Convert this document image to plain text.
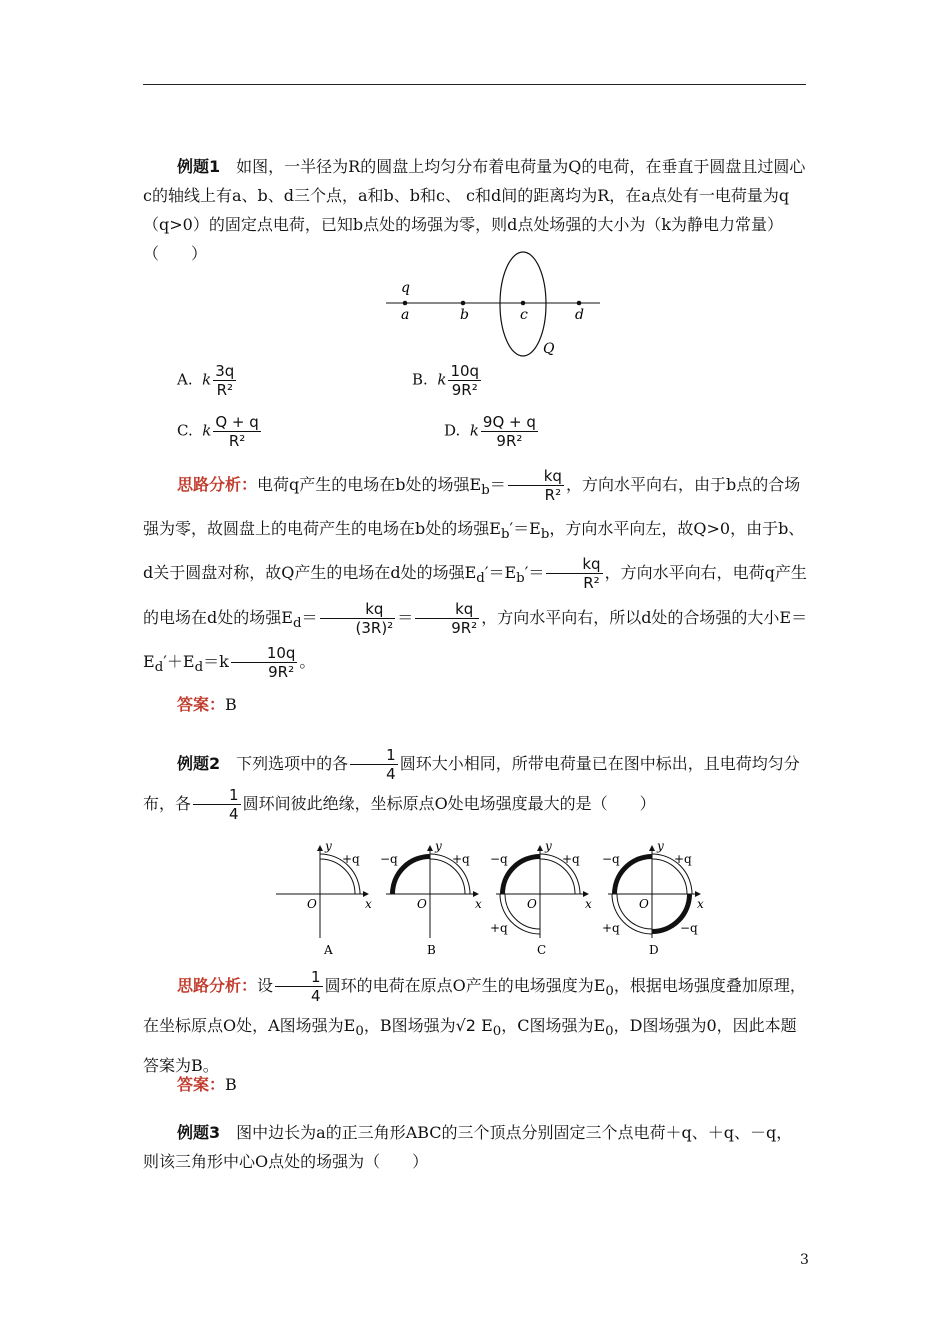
例题1　 如图，一半径为R的圆盘上均匀分布着电荷量为Q的电荷，在垂直于圆盘且过圆心c的轴线上有a、b、d三个点，a和b、b和c、 c和d间的距离均为R，在a点处有一电荷量为q（q>0）的固定点电荷，已知b点处的场强为零，则d点处场强的大小为（k为静电力常量）（　　）

q
a	b	c	d
Q
A. k $\frac{3q}{\text{R²}}$	B. k $\frac{10q}{\text{9R²}}$
C. k $\frac{Q + q}{\text{R²}}$	D. k $\frac{9Q + q}{\text{9R²}}$

思路分析：电荷q产生的电场在b处的场强$E_b= \frac{kq}{\text{R²}}$ ，方向水平向右，由于b点的合场强为零，故圆盘上的电荷产生的电场在b处的场强$E_b'=E_b$，方向水平向左，故Q>0，由于b、d关于圆盘对称，故Q产生的电场在d处的场强$E_d'=E_b'= \frac{kq}{\text{R²}}$ ，方向水平向右，电荷q产生的电场在d处的场强$E_d= \frac{kq}{\text{(3R)²}} = \frac{kq}{\text{9R²}}$ ，方向水平向右，所以d处的合场强的大小$E=E_d'+E_d=k \frac{10q}{\text{9R²}}$ 。

答案：B

例题2　 下列选项中的各 $\frac{1}{4}$ 圆环大小相同，所带电荷量已在图中标出，且电荷均匀分布，各 $\frac{1}{4}$ 圆环间彼此绝缘，坐标原点O处电场强度最大的是（　　）

y
x
O
+q
A
y
x
O
+q
−q
B
y
x
O
+q
−q
+q
C
y
x
O
+q
−q
+q	−q
D

思路分析：设 $\frac{1}{4}$ 圆环的电荷在原点O产生的电场强度为$E_0$，根据电场强度叠加原理，在坐标原点O处，A图场强为$E_0$，B图场强为√2 $E_0$，C图场强为$E_0$，D图场强为0，因此本题答案为B。

答案：B

例题3　 图中边长为a的正三角形ABC的三个顶点分别固定三个点电荷＋q、＋q、－q，则该三角形中心O点处的场强为（　　）

3
